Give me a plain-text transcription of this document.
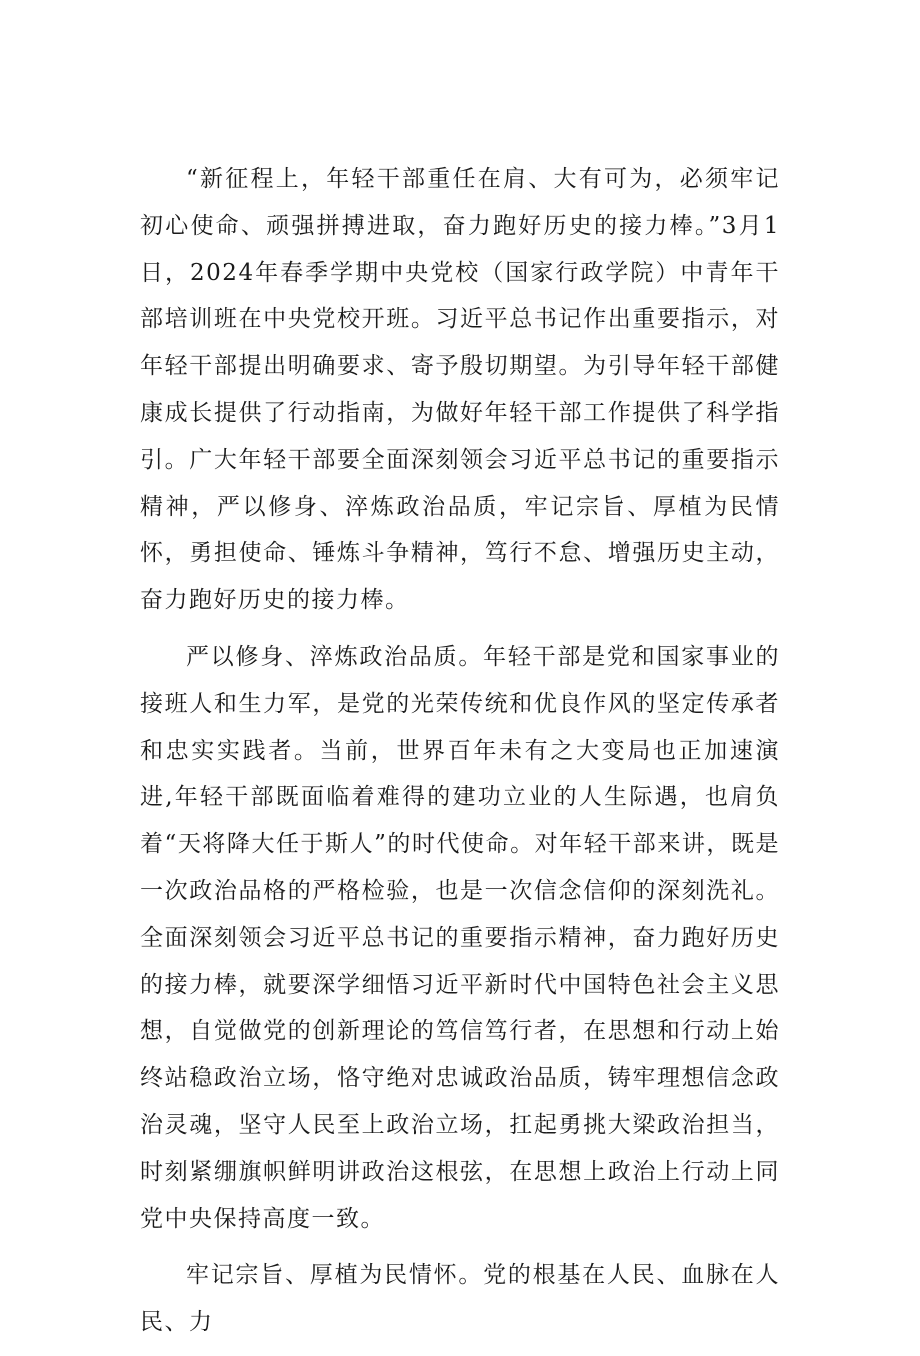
“新征程上，年轻干部重任在肩、大有可为，必须牢记初心使命、顽强拼搏进取，奋力跑好历史的接力棒。”3月1日，2024年春季学期中央党校（国家行政学院）中青年干部培训班在中央党校开班。习近平总书记作出重要指示，对年轻干部提出明确要求、寄予殷切期望。为引导年轻干部健康成长提供了行动指南，为做好年轻干部工作提供了科学指引。广大年轻干部要全面深刻领会习近平总书记的重要指示精神，严以修身、淬炼政治品质，牢记宗旨、厚植为民情怀，勇担使命、锤炼斗争精神，笃行不怠、增强历史主动，奋力跑好历史的接力棒。

严以修身、淬炼政治品质。年轻干部是党和国家事业的接班人和生力军，是党的光荣传统和优良作风的坚定传承者和忠实实践者。当前，世界百年未有之大变局也正加速演进,年轻干部既面临着难得的建功立业的人生际遇，也肩负着“天将降大任于斯人”的时代使命。对年轻干部来讲，既是一次政治品格的严格检验，也是一次信念信仰的深刻洗礼。全面深刻领会习近平总书记的重要指示精神，奋力跑好历史的接力棒，就要深学细悟习近平新时代中国特色社会主义思想，自觉做党的创新理论的笃信笃行者，在思想和行动上始终站稳政治立场，恪守绝对忠诚政治品质，铸牢理想信念政治灵魂，坚守人民至上政治立场，扛起勇挑大梁政治担当，时刻紧绷旗帜鲜明讲政治这根弦，在思想上政治上行动上同党中央保持高度一致。

牢记宗旨、厚植为民情怀。党的根基在人民、血脉在人民、力
